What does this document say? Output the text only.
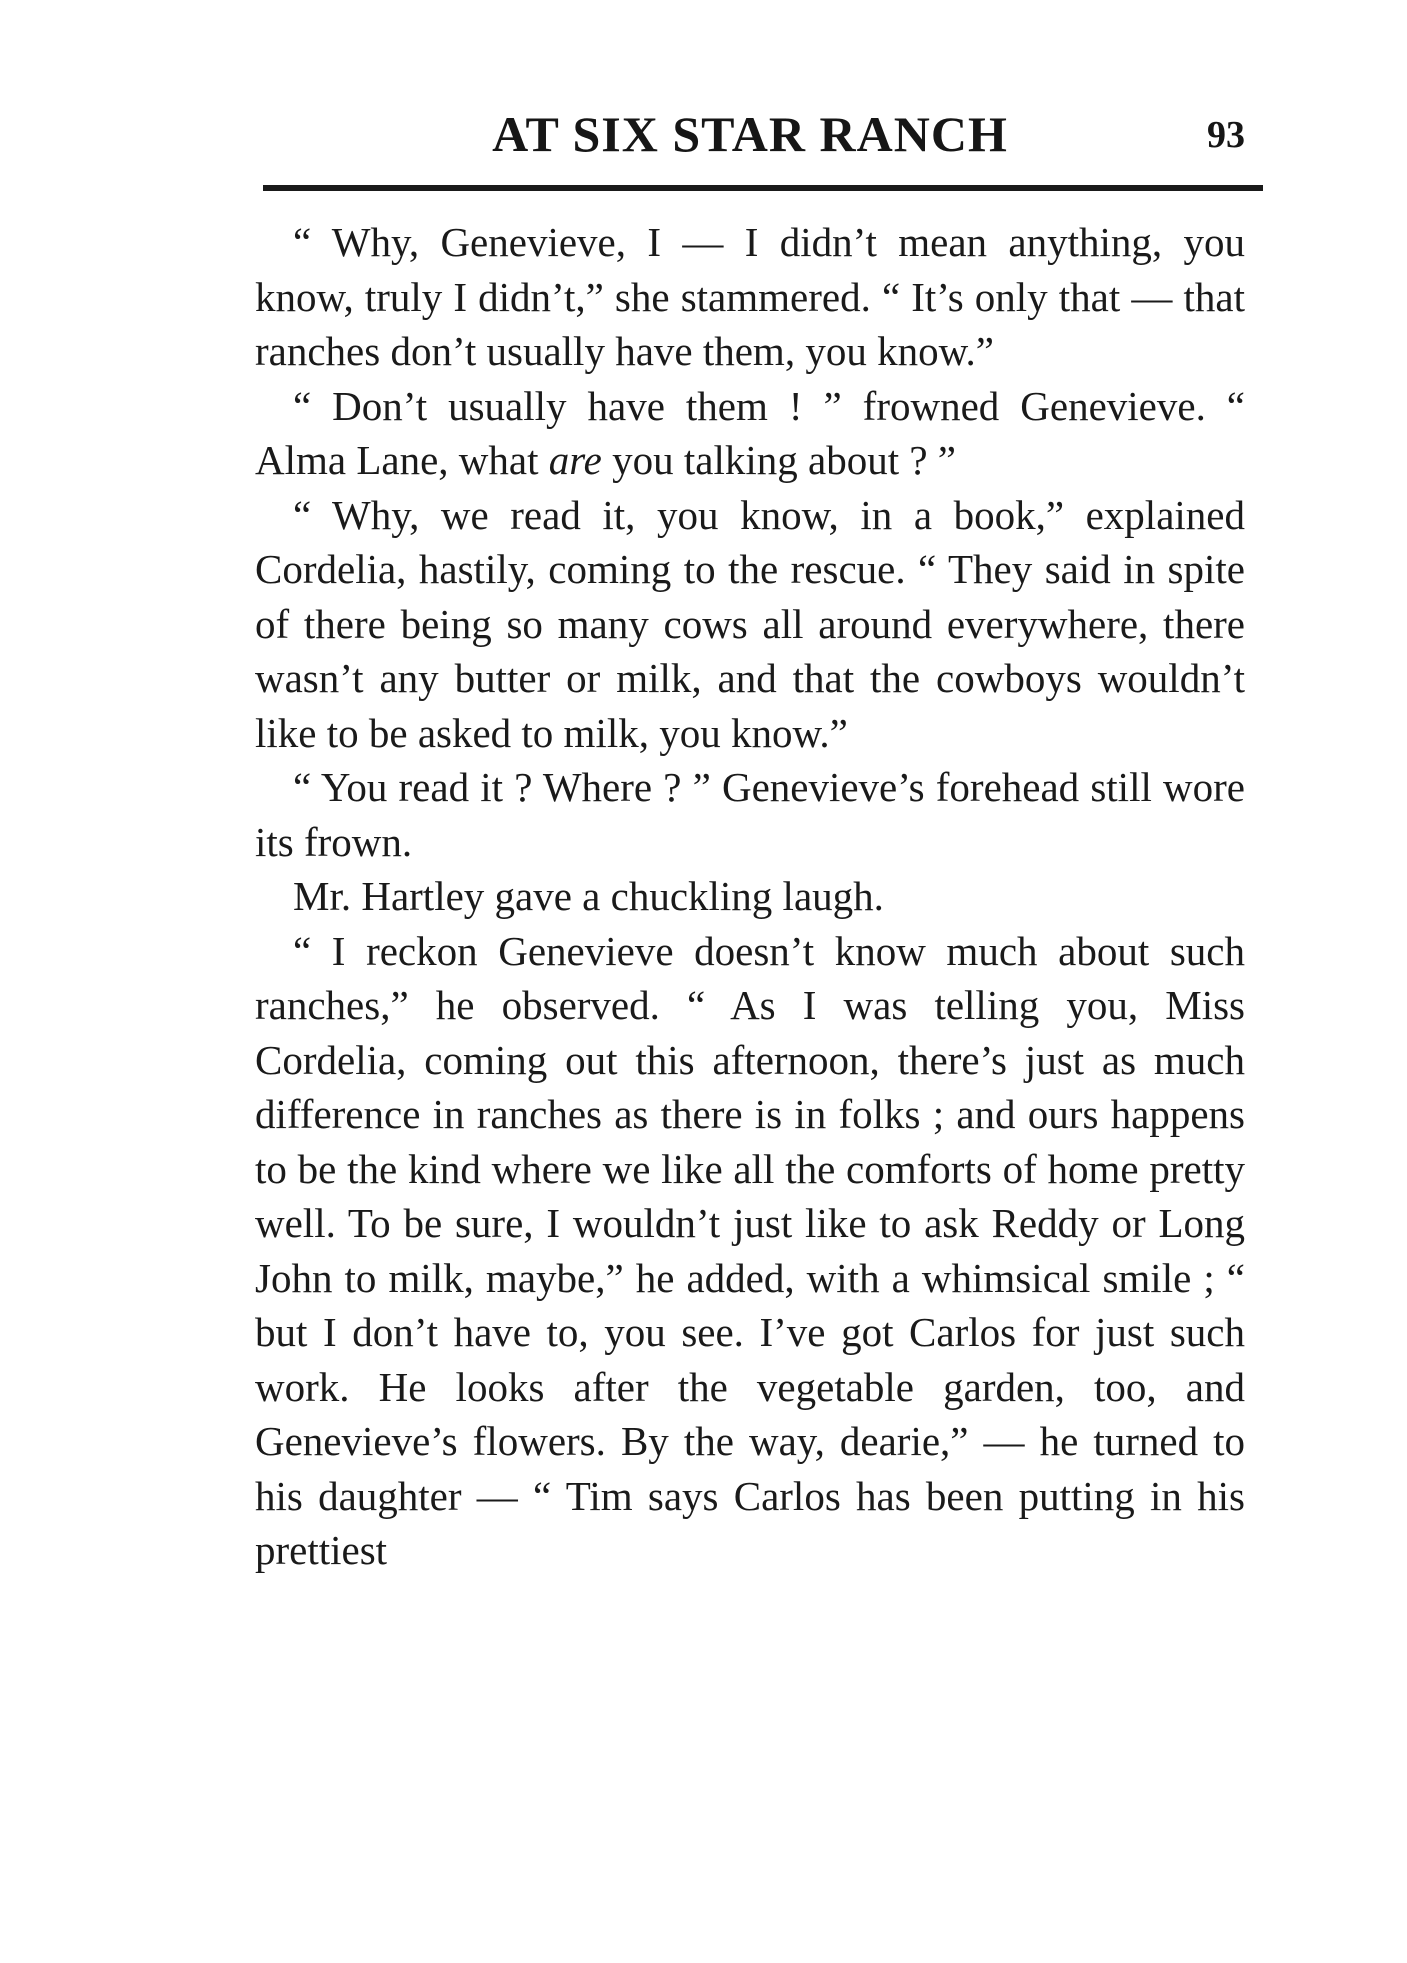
AT SIX STAR RANCH	93

“ Why, Genevieve, I — I didn’t mean anything, you know, truly I didn’t,” she stammered. “ It’s only that — that ranches don’t usually have them, you know.”

“ Don’t usually have them ! ” frowned Genevieve. “ Alma Lane, what are you talking about ? ”

“ Why, we read it, you know, in a book,” explained Cordelia, hastily, coming to the rescue. “ They said in spite of there being so many cows all around everywhere, there wasn’t any butter or milk, and that the cowboys wouldn’t like to be asked to milk, you know.”

“ You read it ? Where ? ” Genevieve’s forehead still wore its frown.

Mr. Hartley gave a chuckling laugh.

“ I reckon Genevieve doesn’t know much about such ranches,” he observed. “ As I was telling you, Miss Cordelia, coming out this afternoon, there’s just as much difference in ranches as there is in folks ; and ours happens to be the kind where we like all the comforts of home pretty well. To be sure, I wouldn’t just like to ask Reddy or Long John to milk, maybe,” he added, with a whimsical smile ; “ but I don’t have to, you see. I’ve got Carlos for just such work. He looks after the vegetable garden, too, and Genevieve’s flowers. By the way, dearie,” — he turned to his daughter — “ Tim says Carlos has been putting in his prettiest
